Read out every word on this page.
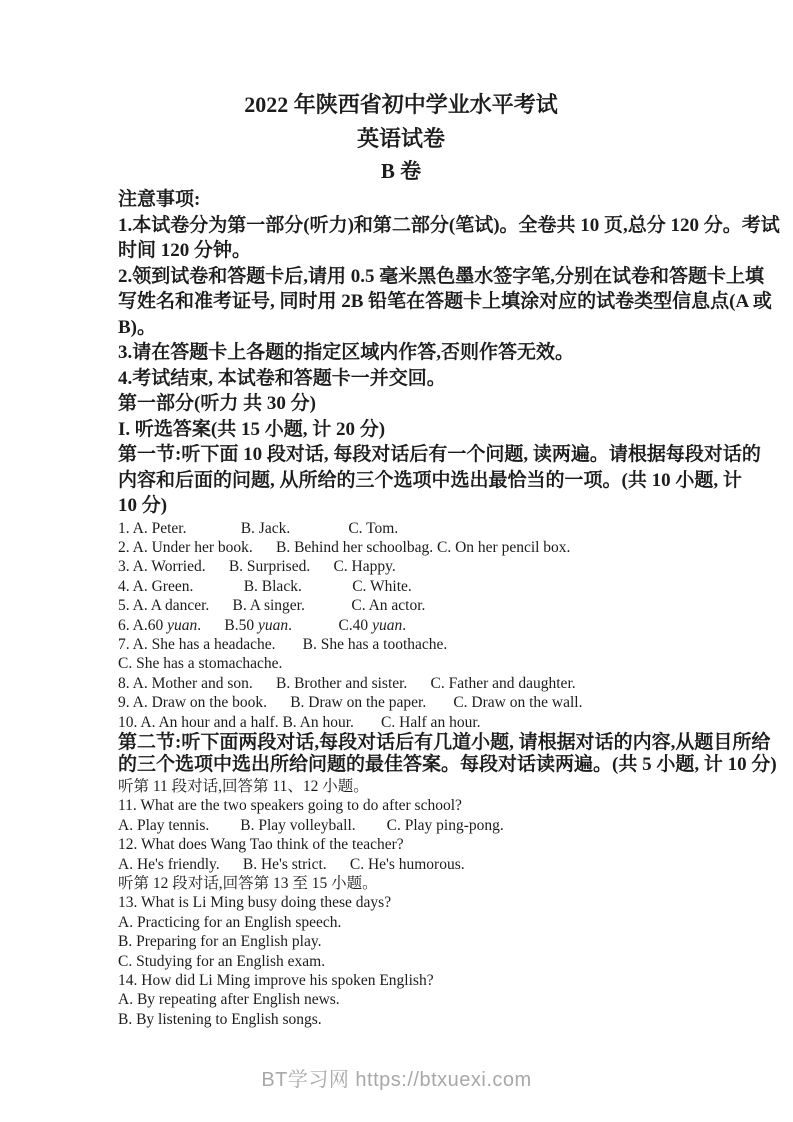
2022 年陕西省初中学业水平考试
英语试卷
B 卷
注意事项:
1.本试卷分为第一部分(听力)和第二部分(笔试)。全卷共 10 页,总分 120 分。考试
时间 120 分钟。
2.领到试卷和答题卡后,请用 0.5 毫米黑色墨水签字笔,分别在试卷和答题卡上填
写姓名和准考证号, 同时用 2B 铅笔在答题卡上填涂对应的试卷类型信息点(A 或
B)。
3.请在答题卡上各题的指定区域内作答,否则作答无效。
4.考试结束, 本试卷和答题卡一并交回。
第一部分(听力 共 30 分)
I. 听选答案(共 15 小题, 计 20 分)
第一节:听下面 10 段对话, 每段对话后有一个问题, 读两遍。请根据每段对话的
内容和后面的问题, 从所给的三个选项中选出最恰当的一项。(共 10 小题, 计
10 分)
1. A. Peter.              B. Jack.               C. Tom.
2. A. Under her book.      B. Behind her schoolbag. C. On her pencil box.
3. A. Worried.      B. Surprised.      C. Happy.
4. A. Green.             B. Black.             C. White.
5. A. A dancer.      B. A singer.            C. An actor.
6. A.60 yuan.      B.50 yuan.            C.40 yuan.
7. A. She has a headache.       B. She has a toothache.
C. She has a stomachache.
8. A. Mother and son.      B. Brother and sister.      C. Father and daughter.
9. A. Draw on the book.      B. Draw on the paper.       C. Draw on the wall.
10. A. An hour and a half. B. An hour.       C. Half an hour.
第二节:听下面两段对话,每段对话后有几道小题, 请根据对话的内容,从题目所给
的三个选项中选出所给问题的最佳答案。每段对话读两遍。(共 5 小题, 计 10 分)
听第 11 段对话,回答第 11、12 小题。
11. What are the two speakers going to do after school?
A. Play tennis.        B. Play volleyball.        C. Play ping-pong.
12. What does Wang Tao think of the teacher?
A. He's friendly.      B. He's strict.      C. He's humorous.
听第 12 段对话,回答第 13 至 15 小题。
13. What is Li Ming busy doing these days?
A. Practicing for an English speech.
B. Preparing for an English play.
C. Studying for an English exam.
14. How did Li Ming improve his spoken English?
A. By repeating after English news.
B. By listening to English songs.
BT学习网 https://btxuexi.com
